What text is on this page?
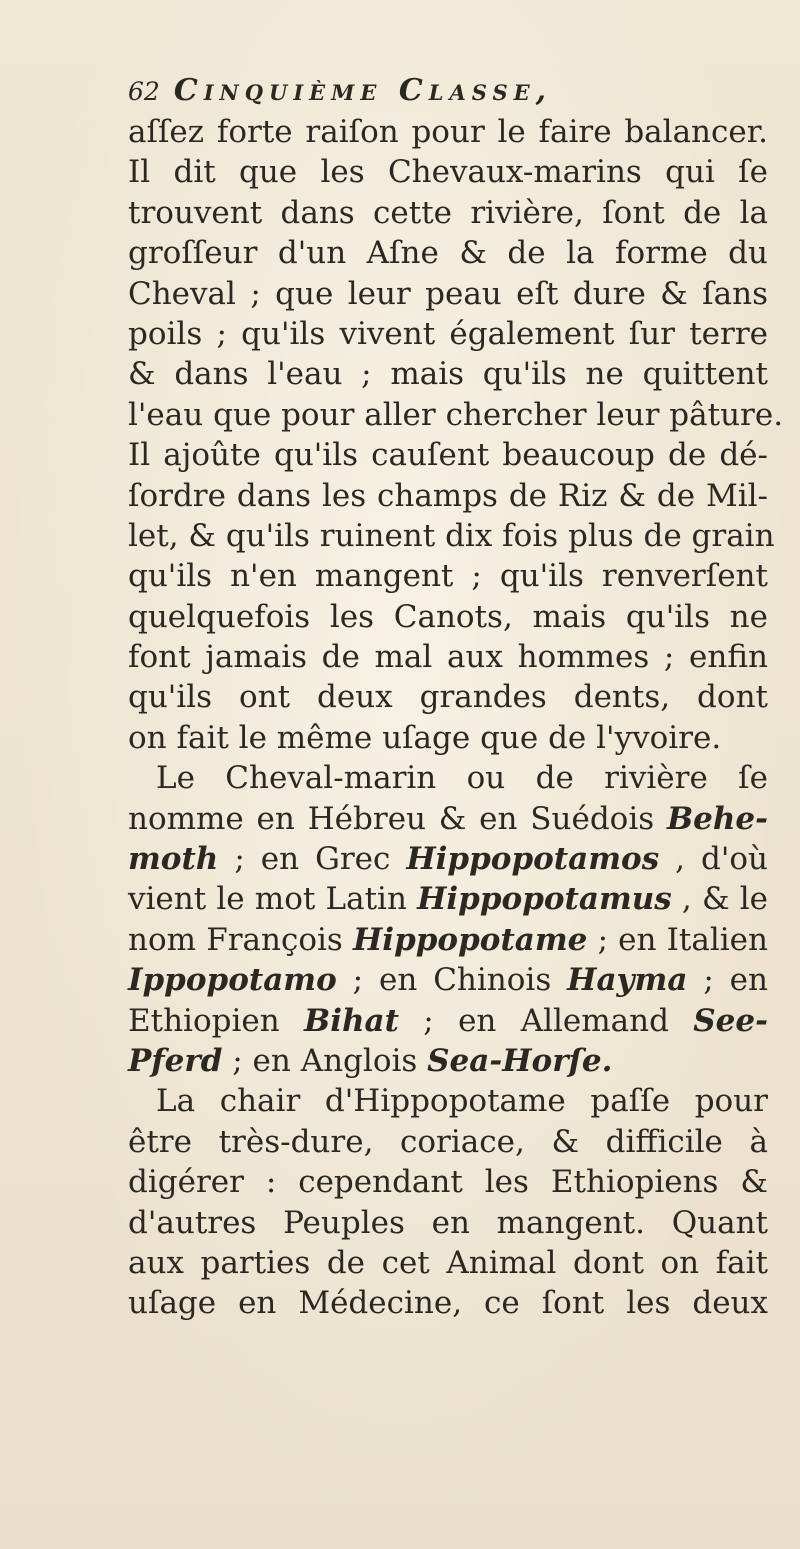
62 Cinquième Classe,
aſſez forte raiſon pour le faire balancer.
Il dit que les Chevaux-marins qui ſe
trouvent dans cette rivière, ſont de la
groſſeur d'un Aſne & de la forme du
Cheval ; que leur peau eſt dure & ſans
poils ; qu'ils vivent également ſur terre
& dans l'eau ; mais qu'ils ne quittent
l'eau que pour aller chercher leur pâture.
Il ajoûte qu'ils cauſent beaucoup de dé-
ſordre dans les champs de Riz & de Mil-
let, & qu'ils ruinent dix fois plus de grain
qu'ils n'en mangent ; qu'ils renverſent
quelquefois les Canots, mais qu'ils ne
font jamais de mal aux hommes ; enfin
qu'ils ont deux grandes dents, dont
on fait le même uſage que de l'yvoire.
Le Cheval-marin ou de rivière ſe
nomme en Hébreu & en Suédois Behe-
moth ; en Grec Hippopotamos , d'où
vient le mot Latin Hippopotamus , & le
nom François Hippopotame ; en Italien
Ippopotamo ; en Chinois Hayma ; en
Ethiopien Bihat ; en Allemand See-
Pferd ; en Anglois Sea-Horſe.
La chair d'Hippopotame paſſe pour
être très-dure, coriace, & difficile à
digérer : cependant les Ethiopiens &
d'autres Peuples en mangent. Quant
aux parties de cet Animal dont on fait
uſage en Médecine, ce ſont les deux
